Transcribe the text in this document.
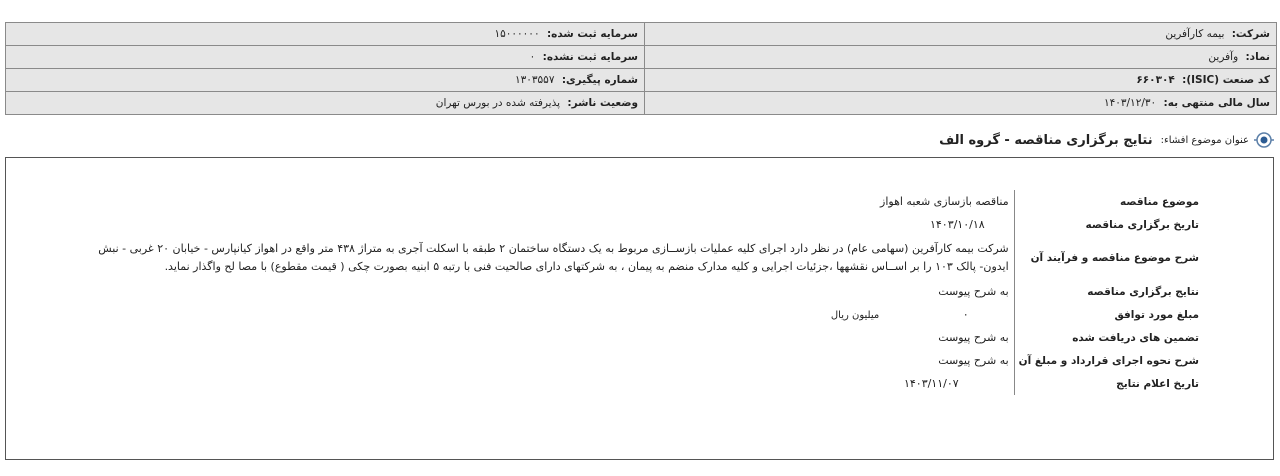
شرکت: بیمه کارآفرین	سرمایه ثبت شده: ۱۵۰۰۰۰۰۰
نماد: وآفرین	سرمایه ثبت نشده: ۰
کد صنعت (ISIC): ۶۶۰۳۰۴	شماره پیگیری: ۱۳۰۳۵۵۷
سال مالی منتهی به: ۱۴۰۳/۱۲/۳۰	وضعیت ناشر: پذیرفته شده در بورس تهران
عنوان موضوع افشاء:
نتایج برگزاری مناقصه - گروه الف
موضوع مناقصه	مناقصه بازسازی شعبه اهواز
تاریخ برگزاری مناقصه	۱۴۰۳/۱۰/۱۸
شرح موضوع مناقصه و فرآیند آن	شرکت بیمه کارآفرین (سهامی عام) در نظر دارد اجرای کلیه عملیات بازســازی مربوط به یک دستگاه ساختمان ۲ طبقه با اسکلت آجری به متراژ ۴۳۸ متر واقع در اهواز کیانپارس - خیابان ۲۰ غربی - نبش
ایدون- پالک ۱۰۳ را بر اســاس نقشهها ،جزئیات اجرایی و کلیه مدارک منضم به پیمان ، به شرکتهای دارای صالحیت فنی با رتبه ۵ ابنیه بصورت چکی ( قیمت مقطوع) با مصا لح واگذار نماید.

نتایج برگزاری مناقصه	به شرح پیوست
مبلغ مورد توافق	۰ میلیون ریال
تضمین های دریافت شده	به شرح پیوست
شرح نحوه اجرای قرارداد و مبلغ آن	به شرح پیوست
تاریخ اعلام نتایج	۱۴۰۳/۱۱/۰۷
